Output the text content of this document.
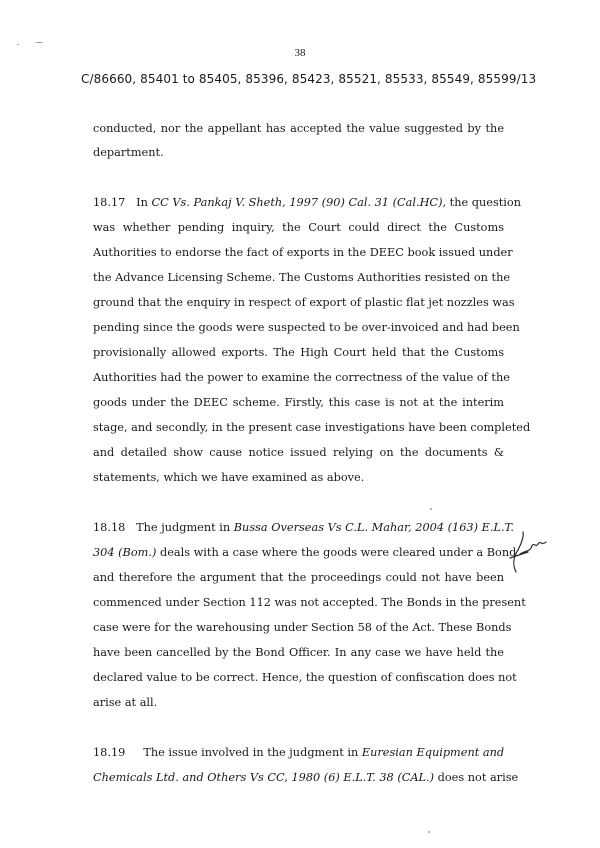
38
C/86660, 85401 to 85405, 85396, 85423, 85521, 85533, 85549, 85599/13
conducted, nor the appellant has accepted the value suggested by the
department.
18.17 In CC Vs. Pankaj V. Sheth, 1997 (90) Cal. 31 (Cal.HC), the question
was whether pending inquiry, the Court could direct the Customs
Authorities to endorse the fact of exports in the DEEC book issued under
the Advance Licensing Scheme. The Customs Authorities resisted on the
ground that the enquiry in respect of export of plastic flat jet nozzles was
pending since the goods were suspected to be over-invoiced and had been
provisionally allowed exports. The High Court held that the Customs
Authorities had the power to examine the correctness of the value of the
goods under the DEEC scheme. Firstly, this case is not at the interim
stage, and secondly, in the present case investigations have been completed
and detailed show cause notice issued relying on the documents &
statements, which we have examined as above.
18.18 The judgment in Bussa Overseas Vs C.L. Mahar, 2004 (163) E.L.T.
304 (Bom.) deals with a case where the goods were cleared under a Bond
and therefore the argument that the proceedings could not have been
commenced under Section 112 was not accepted. The Bonds in the present
case were for the warehousing under Section 58 of the Act. These Bonds
have been cancelled by the Bond Officer. In any case we have held the
declared value to be correct. Hence, the question of confiscation does not
arise at all.
18.19 The issue involved in the judgment in Euresian Equipment and
Chemicals Ltd. and Others Vs CC, 1980 (6) E.L.T. 38 (CAL.) does not arise
